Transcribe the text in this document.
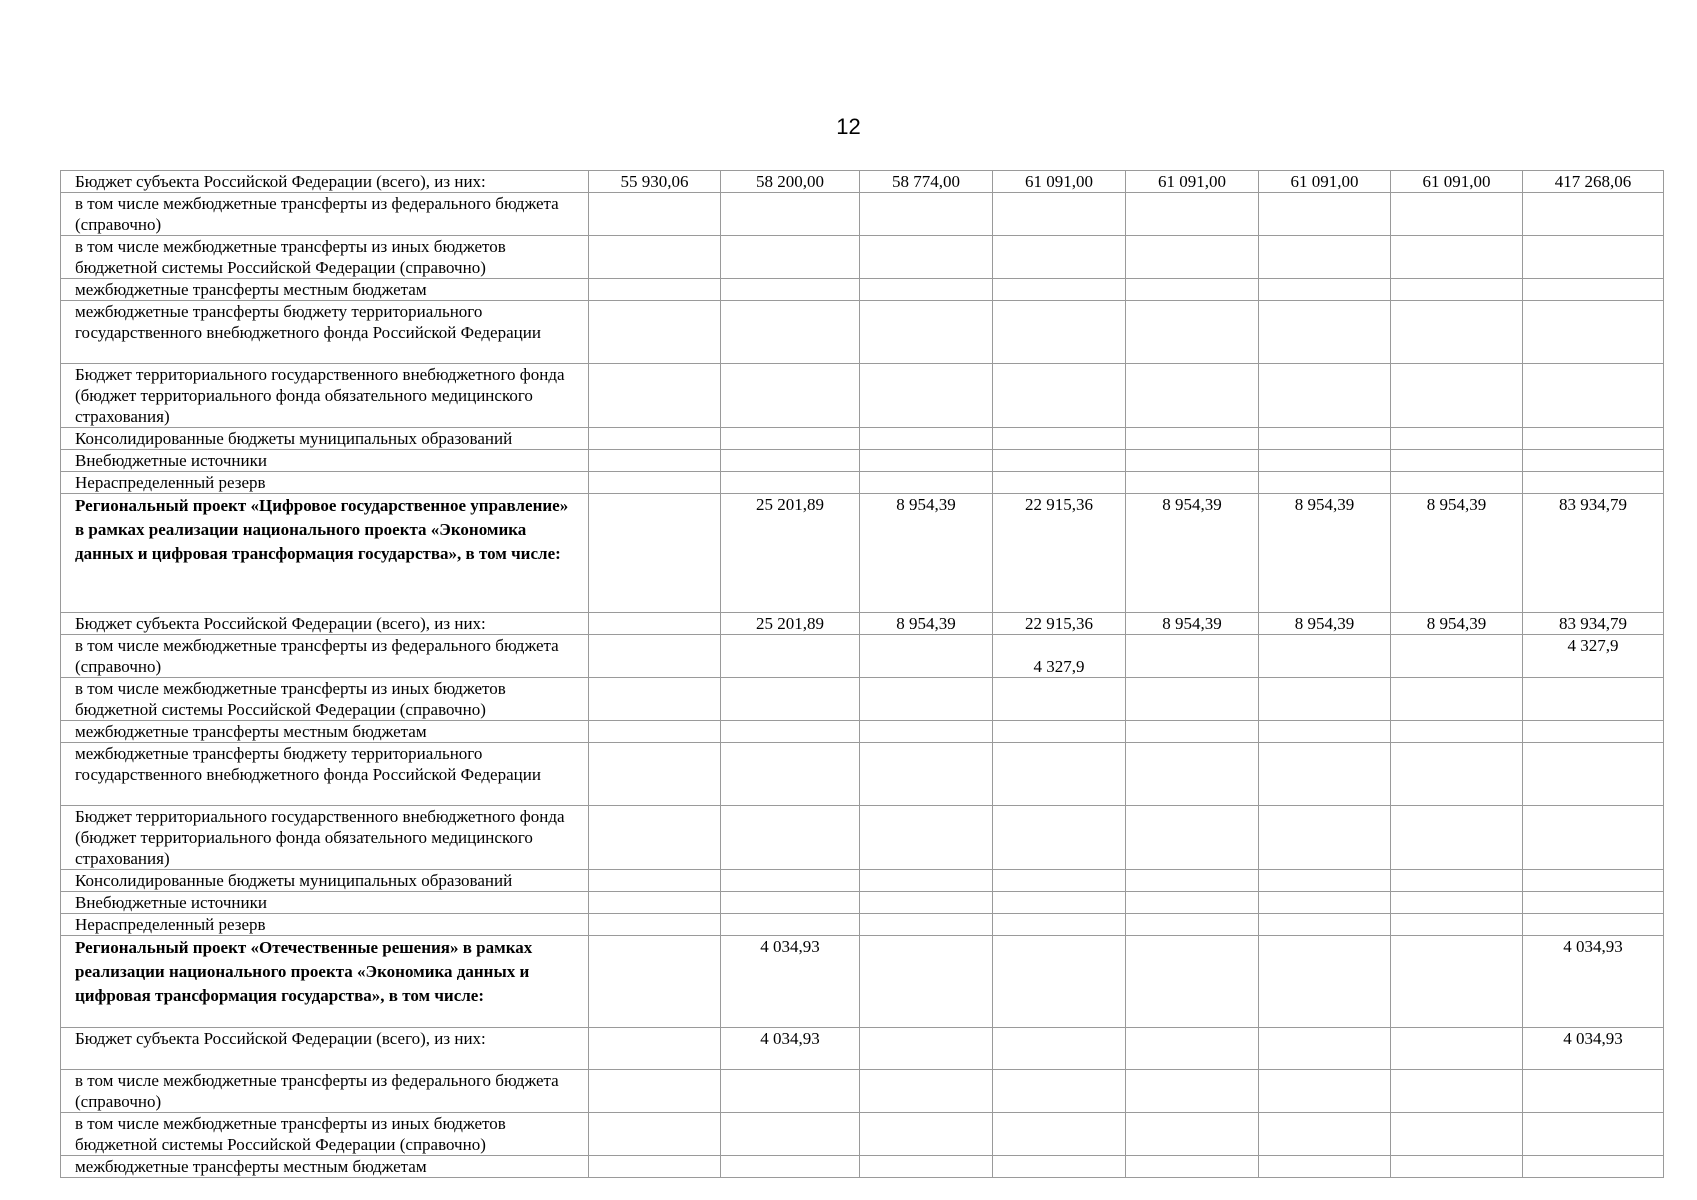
12
Бюджет субъекта Российской Федерации (всего), из них:	55 930,06	58 200,00	58 774,00	61 091,00	61 091,00	61 091,00	61 091,00	417 268,06
в том числе межбюджетные трансферты из федерального бюджета (справочно)								
в том числе межбюджетные трансферты из иных бюджетов бюджетной системы Российской Федерации (справочно)								
межбюджетные трансферты местным бюджетам								
межбюджетные трансферты бюджету территориального государственного внебюджетного фонда Российской Федерации								
Бюджет территориального государственного внебюджетного фонда (бюджет территориального фонда обязательного медицинского страхования)								
Консолидированные бюджеты муниципальных образований								
Внебюджетные источники								
Нераспределенный резерв								
Региональный проект «Цифровое государственное управление» в рамках реализации национального проекта «Экономика данных и цифровая трансформация государства», в том числе:		25 201,89	8 954,39	22 915,36	8 954,39	8 954,39	8 954,39	83 934,79
Бюджет субъекта Российской Федерации (всего), из них:		25 201,89	8 954,39	22 915,36	8 954,39	8 954,39	8 954,39	83 934,79
в том числе межбюджетные трансферты из федерального бюджета (справочно)				4 327,9				4 327,9
в том числе межбюджетные трансферты из иных бюджетов бюджетной системы Российской Федерации (справочно)								
межбюджетные трансферты местным бюджетам								
межбюджетные трансферты бюджету территориального государственного внебюджетного фонда Российской Федерации								
Бюджет территориального государственного внебюджетного фонда (бюджет территориального фонда обязательного медицинского страхования)								
Консолидированные бюджеты муниципальных образований								
Внебюджетные источники								
Нераспределенный резерв								
Региональный проект «Отечественные решения» в рамках реализации национального проекта «Экономика данных и цифровая трансформация государства», в том числе:		4 034,93						4 034,93
Бюджет субъекта Российской Федерации (всего), из них:		4 034,93						4 034,93
в том числе межбюджетные трансферты из федерального бюджета (справочно)								
в том числе межбюджетные трансферты из иных бюджетов бюджетной системы Российской Федерации (справочно)								
межбюджетные трансферты местным бюджетам								
